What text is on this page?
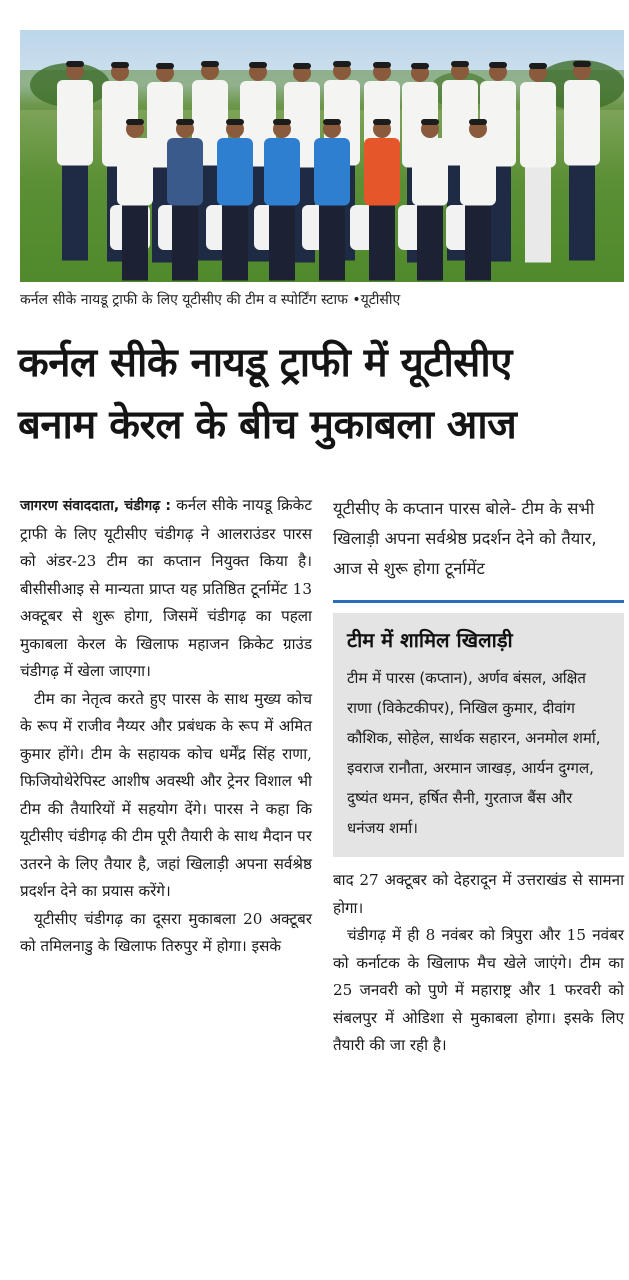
कर्नल सीके नायडू ट्राफी के लिए यूटीसीए की टीम व स्पोर्टिंग स्टाफ •यूटीसीए
कर्नल सीके नायडू ट्राफी में यूटीसीए
बनाम केरल के बीच मुकाबला आज

जागरण संवाददाता, चंडीगढ़ : कर्नल सीके नायडू क्रिकेट ट्राफी के लिए यूटीसीए चंडीगढ़ ने आलराउंडर पारस को अंडर-23 टीम का कप्तान नियुक्त किया है। बीसीसीआइ से मान्यता प्राप्त यह प्रतिष्ठित टूर्नामेंट 13 अक्टूबर से शुरू होगा, जिसमें चंडीगढ़ का पहला मुकाबला केरल के खिलाफ महाजन क्रिकेट ग्राउंड चंडीगढ़ में खेला जाएगा।

टीम का नेतृत्व करते हुए पारस के साथ मुख्य कोच के रूप में राजीव नैय्यर और प्रबंधक के रूप में अमित कुमार होंगे। टीम के सहायक कोच धर्मेंद्र सिंह राणा, फिजियोथेरेपिस्ट आशीष अवस्थी और ट्रेनर विशाल भी टीम की तैयारियों में सहयोग देंगे। पारस ने कहा कि यूटीसीए चंडीगढ़ की टीम पूरी तैयारी के साथ मैदान पर उतरने के लिए तैयार है, जहां खिलाड़ी अपना सर्वश्रेष्ठ प्रदर्शन देने का प्रयास करेंगे।

यूटीसीए चंडीगढ़ का दूसरा मुकाबला 20 अक्टूबर को तमिलनाडु के खिलाफ तिरुपुर में होगा। इसके

यूटीसीए के कप्तान पारस बोले- टीम के सभी खिलाड़ी अपना सर्वश्रेष्ठ प्रदर्शन देने को तैयार, आज से शुरू होगा टूर्नामेंट
टीम में शामिल खिलाड़ी

टीम में पारस (कप्तान), अर्णव बंसल, अक्षित राणा (विकेटकीपर), निखिल कुमार, दीवांग कौशिक, सोहेल, सार्थक सहारन, अनमोल शर्मा, इवराज रानौता, अरमान जाखड़, आर्यन दुग्गल, दुष्यंत थमन, हर्षित सैनी, गुरताज बैंस और धनंजय शर्मा।

बाद 27 अक्टूबर को देहरादून में उत्तराखंड से सामना होगा।

चंडीगढ़ में ही 8 नवंबर को त्रिपुरा और 15 नवंबर को कर्नाटक के खिलाफ मैच खेले जाएंगे। टीम का 25 जनवरी को पुणे में महाराष्ट्र और 1 फरवरी को संबलपुर में ओडिशा से मुकाबला होगा। इसके लिए तैयारी की जा रही है।
